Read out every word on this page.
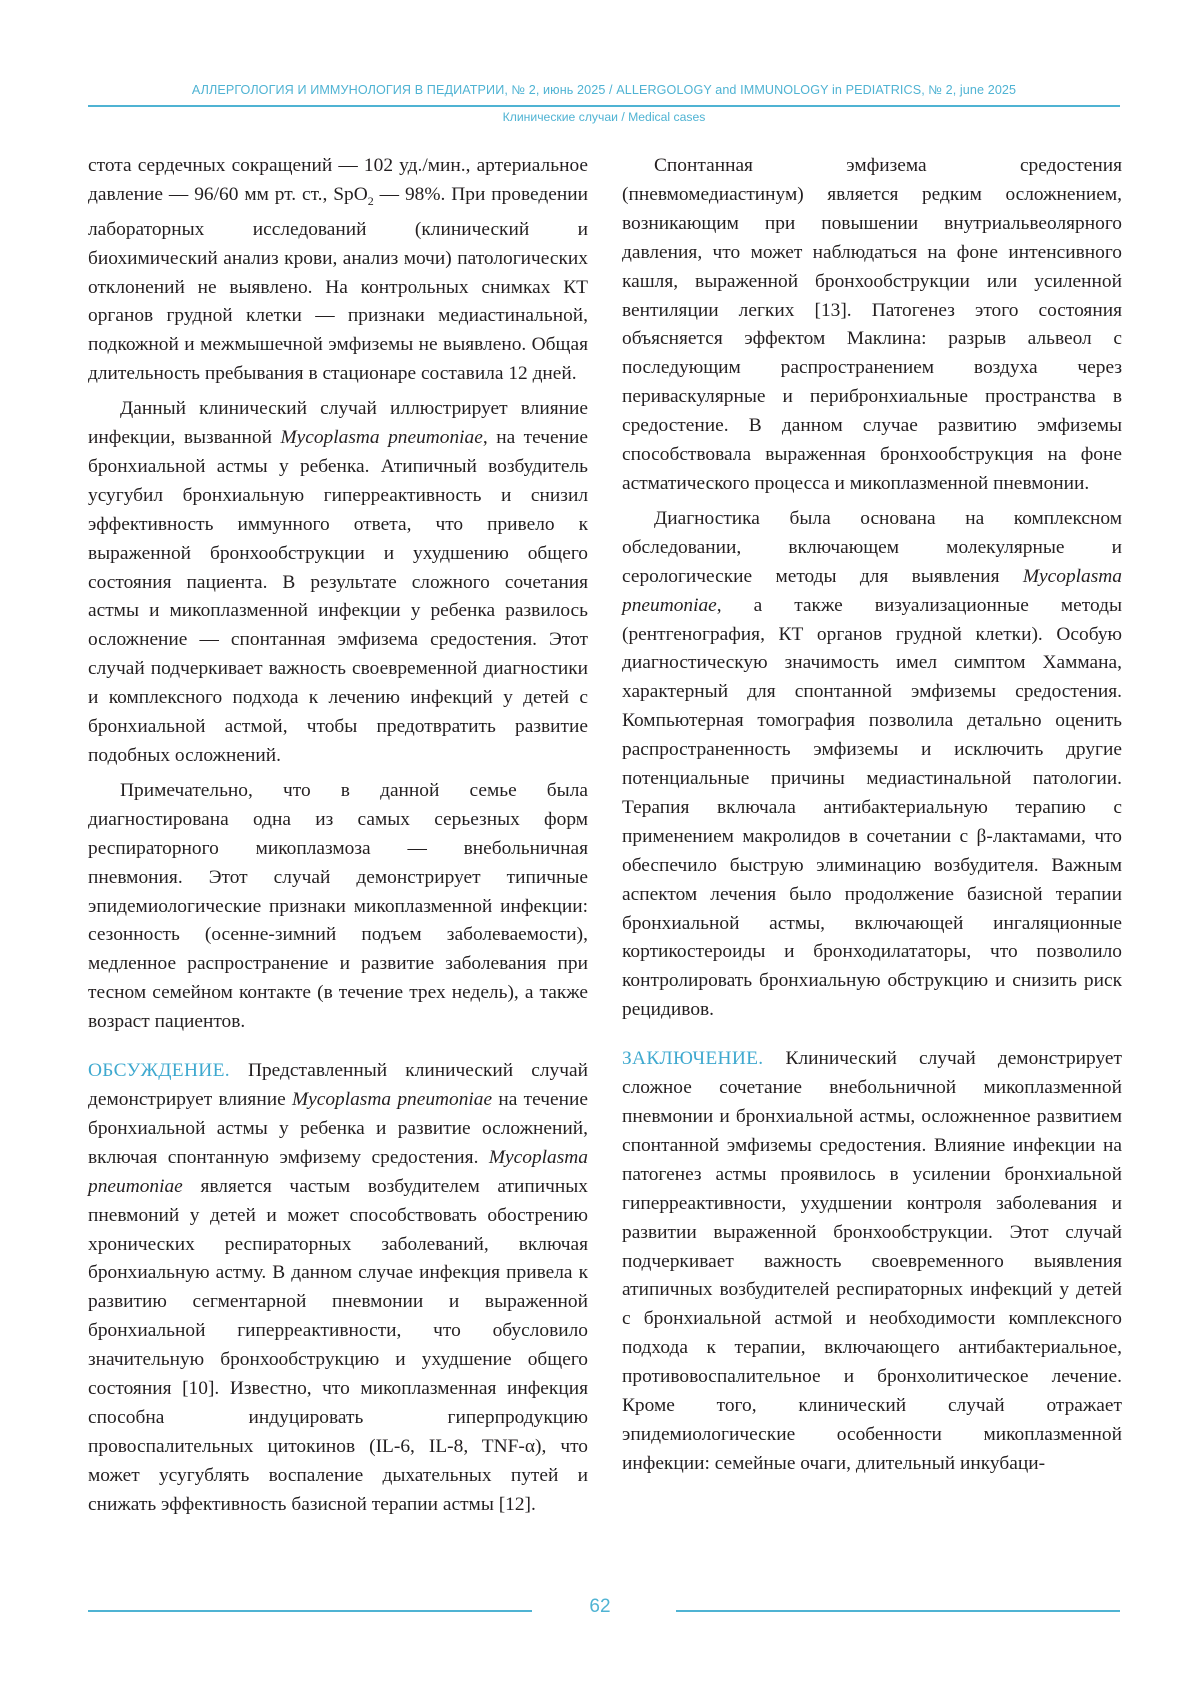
АЛЛЕРГОЛОГИЯ И ИММУНОЛОГИЯ В ПЕДИАТРИИ, № 2, июнь 2025 / ALLERGOLOGY and IMMUNOLOGY in PEDIATRICS, № 2, june 2025
Клинические случаи / Medical cases

стота сердечных сокращений — 102 уд./мин., артериальное давление — 96/60 мм рт. ст., SpO$_2$ — 98%. При проведении лабораторных исследований (клинический и биохимический анализ крови, анализ мочи) патологических отклонений не выявлено. На контрольных снимках КТ органов грудной клетки — признаки медиастинальной, подкожной и межмышечной эмфиземы не выявлено. Общая длительность пребывания в стационаре составила 12 дней.

Данный клинический случай иллюстрирует влияние инфекции, вызванной Mycoplasma pneumoniae, на течение бронхиальной астмы у ребенка. Атипичный возбудитель усугубил бронхиальную гиперреактивность и снизил эффективность иммунного ответа, что привело к выраженной бронхообструкции и ухудшению общего состояния пациента. В результате сложного сочетания астмы и микоплазменной инфекции у ребенка развилось осложнение — спонтанная эмфизема средостения. Этот случай подчеркивает важность своевременной диагностики и комплексного подхода к лечению инфекций у детей с бронхиальной астмой, чтобы предотвратить развитие подобных осложнений.

Примечательно, что в данной семье была диагностирована одна из самых серьезных форм респираторного микоплазмоза — внебольничная пневмония. Этот случай демонстрирует типичные эпидемиологические признаки микоплазменной инфекции: сезонность (осенне-зимний подъем заболеваемости), медленное распространение и развитие заболевания при тесном семейном контакте (в течение трех недель), а также возраст пациентов.

ОБСУЖДЕНИЕ. Представленный клинический случай демонстрирует влияние Mycoplasma pneumoniae на течение бронхиальной астмы у ребенка и развитие осложнений, включая спонтанную эмфизему средостения. Mycoplasma pneumoniae является частым возбудителем атипичных пневмоний у детей и может способствовать обострению хронических респираторных заболеваний, включая бронхиальную астму. В данном случае инфекция привела к развитию сегментарной пневмонии и выраженной бронхиальной гиперреактивности, что обусловило значительную бронхообструкцию и ухудшение общего состояния [10]. Известно, что микоплазменная инфекция способна индуцировать гиперпродукцию провоспалительных цитокинов (IL-6, IL-8, TNF-α), что может усугублять воспаление дыхательных путей и снижать эффективность базисной терапии астмы [12].

Спонтанная эмфизема средостения (пневмомедиастинум) является редким осложнением, возникающим при повышении внутриальвеолярного давления, что может наблюдаться на фоне интенсивного кашля, выраженной бронхообструкции или усиленной вентиляции легких [13]. Патогенез этого состояния объясняется эффектом Маклина: разрыв альвеол с последующим распространением воздуха через периваскулярные и перибронхиальные пространства в средостение. В данном случае развитию эмфиземы способствовала выраженная бронхообструкция на фоне астматического процесса и микоплазменной пневмонии.

Диагностика была основана на комплексном обследовании, включающем молекулярные и серологические методы для выявления Mycoplasma pneumoniae, а также визуализационные методы (рентгенография, КТ органов грудной клетки). Особую диагностическую значимость имел симптом Хаммана, характерный для спонтанной эмфиземы средостения. Компьютерная томография позволила детально оценить распространенность эмфиземы и исключить другие потенциальные причины медиастинальной патологии. Терапия включала антибактериальную терапию с применением макролидов в сочетании с β-лактамами, что обеспечило быструю элиминацию возбудителя. Важным аспектом лечения было продолжение базисной терапии бронхиальной астмы, включающей ингаляционные кортикостероиды и бронходилататоры, что позволило контролировать бронхиальную обструкцию и снизить риск рецидивов.

ЗАКЛЮЧЕНИЕ. Клинический случай демонстрирует сложное сочетание внебольничной микоплазменной пневмонии и бронхиальной астмы, осложненное развитием спонтанной эмфиземы средостения. Влияние инфекции на патогенез астмы проявилось в усилении бронхиальной гиперреактивности, ухудшении контроля заболевания и развитии выраженной бронхообструкции. Этот случай подчеркивает важность своевременного выявления атипичных возбудителей респираторных инфекций у детей с бронхиальной астмой и необходимости комплексного подхода к терапии, включающего антибактериальное, противовоспалительное и бронхолитическое лечение. Кроме того, клинический случай отражает эпидемиологические особенности микоплазменной инфекции: семейные очаги, длительный инкубаци-

62
